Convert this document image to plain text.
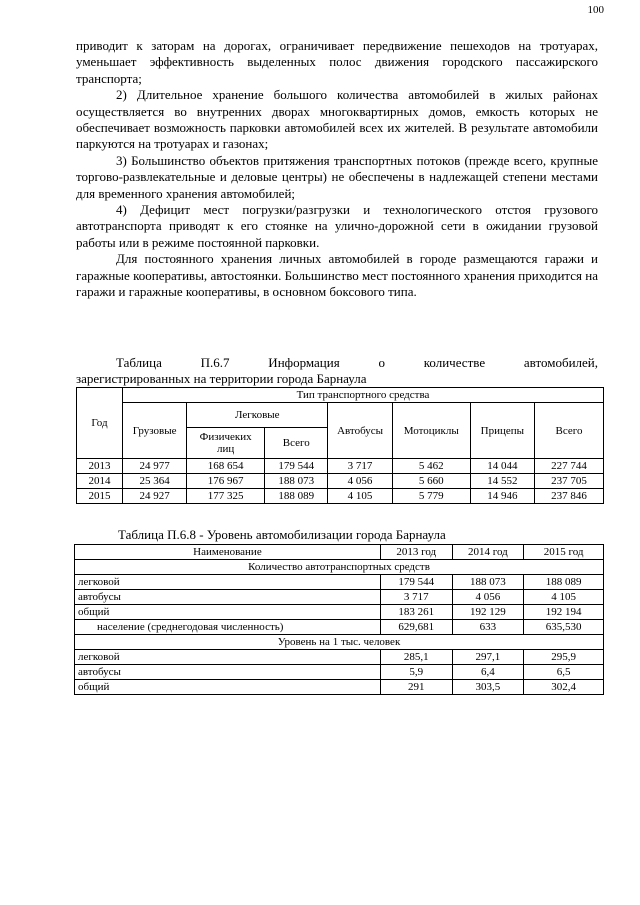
100

приводит к заторам на дорогах, ограничивает передвижение пешеходов на тротуарах, уменьшает эффективность выделенных полос движения городского пассажирского транспорта;

2) Длительное хранение большого количества автомобилей в жилых районах осуществляется во внутренних дворах многоквартирных домов, емкость которых не обеспечивает возможность парковки автомобилей всех их жителей. В результате автомобили паркуются на тротуарах и газонах;

3) Большинство объектов притяжения транспортных потоков (прежде всего, крупные торгово-развлекательные и деловые центры) не обеспечены в надлежащей степени местами для временного хранения автомобилей;

4) Дефицит мест погрузки/разгрузки и технологического отстоя грузового автотранспорта приводят к его стоянке на улично-дорожной сети в ожидании грузовой работы или в режиме постоянной парковки.

Для постоянного хранения личных автомобилей в городе размещаются гаражи и гаражные кооперативы, автостоянки. Большинство мест постоянного хранения приходится на гаражи и гаражные кооперативы, в основном боксового типа.

Таблица П.6.7 Информация о количестве автомобилей,
зарегистрированных на территории города Барнаула
Год	Тип транспортного средства						
	Грузовые	Легковые		Автобусы	Мотоциклы	Прицепы	Всего
		Физичеких лиц	Всего				
2013	24 977	168 654	179 544	3 717	5 462	14 044	227 744
2014	25 364	176 967	188 073	4 056	5 660	14 552	237 705
2015	24 927	177 325	188 089	4 105	5 779	14 946	237 846
Таблица П.6.8 - Уровень автомобилизации города Барнаула
Наименование	2013 год	2014 год	2015 год
Количество автотранспортных средств			
легковой	179 544	188 073	188 089
автобусы	3 717	4 056	4 105
общий	183 261	192 129	192 194
население (среднегодовая численность)	629,681	633	635,530
Уровень на 1 тыс. человек			
легковой	285,1	297,1	295,9
автобусы	5,9	6,4	6,5
общий	291	303,5	302,4
